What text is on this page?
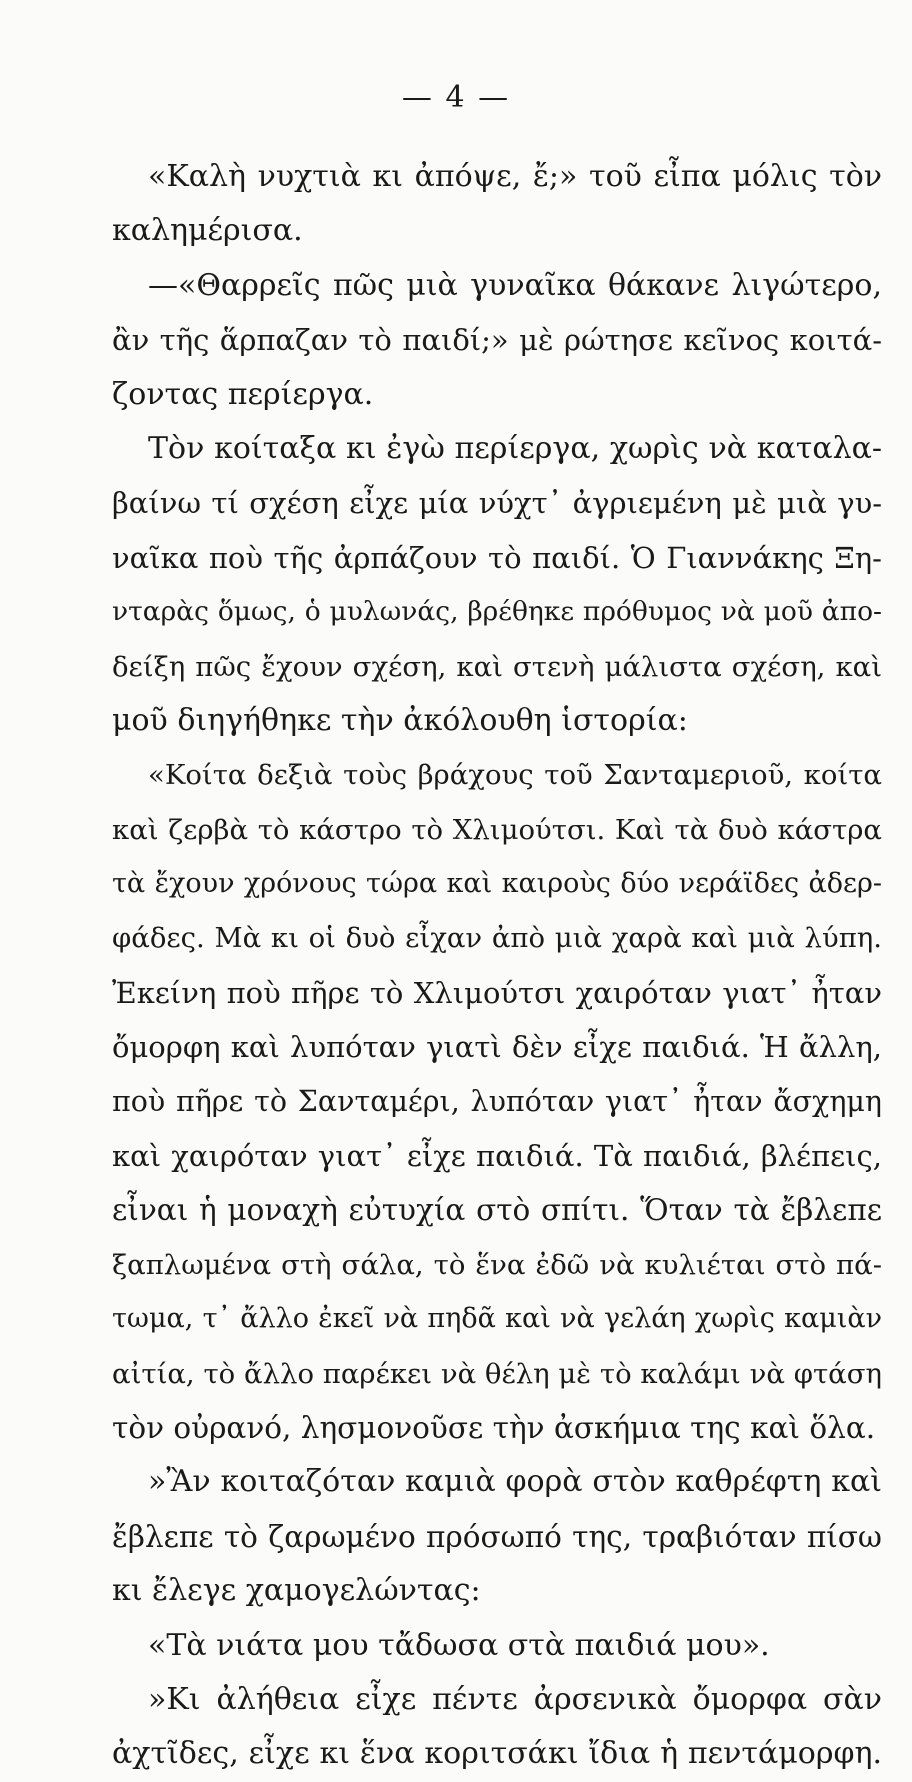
— 4 —
«Καλὴ νυχτιὰ κι ἀπόψε, ἔ;» τοῦ εἶπα μόλις τὸν
καλημέρισα.
—«Θαρρεῖς πῶς μιὰ γυναῖκα θάκανε λιγώτερο,
ἂν τῆς ἅρπαζαν τὸ παιδί;» μὲ ρώτησε κεῖνος κοιτά-
ζοντας περίεργα.
Τὸν κοίταξα κι ἐγὼ περίεργα, χωρὶς νὰ καταλα-
βαίνω τί σχέση εἶχε μία νύχτ᾽ ἀγριεμένη μὲ μιὰ γυ-
ναῖκα ποὺ τῆς ἀρπάζουν τὸ παιδί. Ὁ Γιαννάκης Ξη-
νταρὰς ὅμως, ὁ μυλωνάς, βρέθηκε πρόθυμος νὰ μοῦ ἀπο-
δείξη πῶς ἔχουν σχέση, καὶ στενὴ μάλιστα σχέση, καὶ
μοῦ διηγήθηκε τὴν ἀκόλουθη ἱστορία:
«Κοίτα δεξιὰ τοὺς βράχους τοῦ Σανταμεριοῦ, κοίτα
καὶ ζερβὰ τὸ κάστρο τὸ Χλιμούτσι. Καὶ τὰ δυὸ κάστρα
τὰ ἔχουν χρόνους τώρα καὶ καιροὺς δύο νεράϊδες ἀδερ-
φάδες. Μὰ κι οἱ δυὸ εἶχαν ἀπὸ μιὰ χαρὰ καὶ μιὰ λύπη.
Ἐκείνη ποὺ πῆρε τὸ Χλιμούτσι χαιρόταν γιατ᾽ ἦταν
ὄμορφη καὶ λυπόταν γιατὶ δὲν εἶχε παιδιά. Ἡ ἄλλη,
ποὺ πῆρε τὸ Σανταμέρι, λυπόταν γιατ᾽ ἦταν ἄσχημη
καὶ χαιρόταν γιατ᾽ εἶχε παιδιά. Τὰ παιδιά, βλέπεις,
εἶναι ἡ μοναχὴ εὐτυχία στὸ σπίτι. Ὅταν τὰ ἔβλεπε
ξαπλωμένα στὴ σάλα, τὸ ἕνα ἐδῶ νὰ κυλιέται στὸ πά-
τωμα, τ᾽ ἄλλο ἐκεῖ νὰ πηδᾶ καὶ νὰ γελάη χωρὶς καμιὰν
αἰτία, τὸ ἄλλο παρέκει νὰ θέλη μὲ τὸ καλάμι νὰ φτάση
τὸν οὐρανό, λησμονοῦσε τὴν ἀσκήμια της καὶ ὅλα.
»Ἂν κοιταζόταν καμιὰ φορὰ στὸν καθρέφτη καὶ
ἔβλεπε τὸ ζαρωμένο πρόσωπό της, τραβιόταν πίσω
κι ἔλεγε χαμογελώντας:
«Τὰ νιάτα μου τἄδωσα στὰ παιδιά μου».
»Κι ἀλήθεια εἶχε πέντε ἀρσενικὰ ὄμορφα σὰν
ἀχτῖδες, εἶχε κι ἕνα κοριτσάκι ἴδια ἡ πεντάμορφη.
